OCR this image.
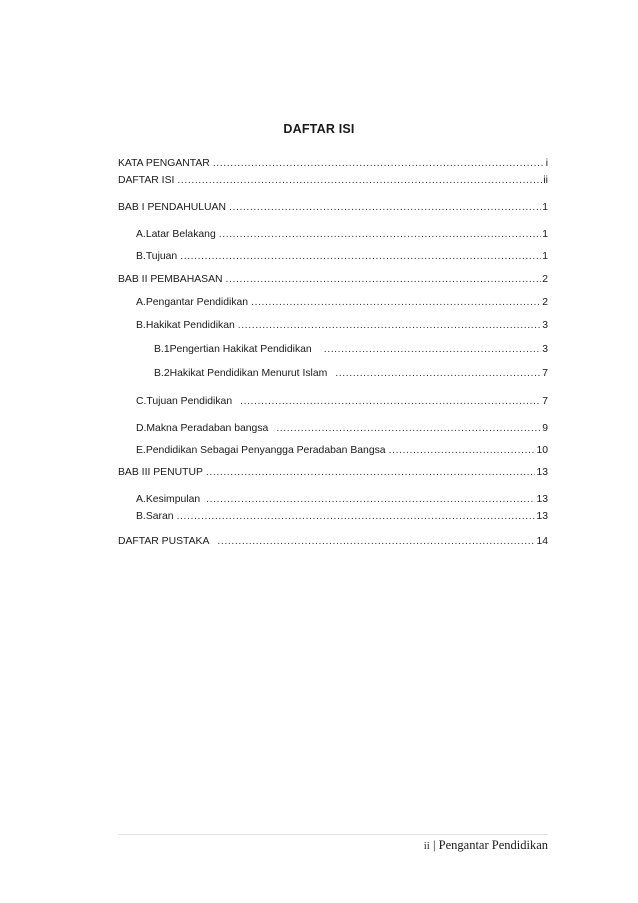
DAFTAR ISI
KATA PENGANTAR .....	i
DAFTAR ISI .....	ii
BAB I PENDAHULUAN .....	1
A. Latar Belakang .....	1
B. Tujuan .....	1
BAB II PEMBAHASAN .....	2
A. Pengantar Pendidikan .....	2
B. Hakikat Pendidikan .....	3
B.1 Pengertian Hakikat Pendidikan .....	3
B.2 Hakikat Pendidikan Menurut Islam .....	7
C. Tujuan Pendidikan .....	7
D. Makna Peradaban bangsa .....	9
E. Pendidikan Sebagai Penyangga Peradaban Bangsa .....	10
BAB III PENUTUP .....	13
A. Kesimpulan .....	13
B. Saran .....	13
DAFTAR PUSTAKA .....	14
ii | Pengantar Pendidikan
